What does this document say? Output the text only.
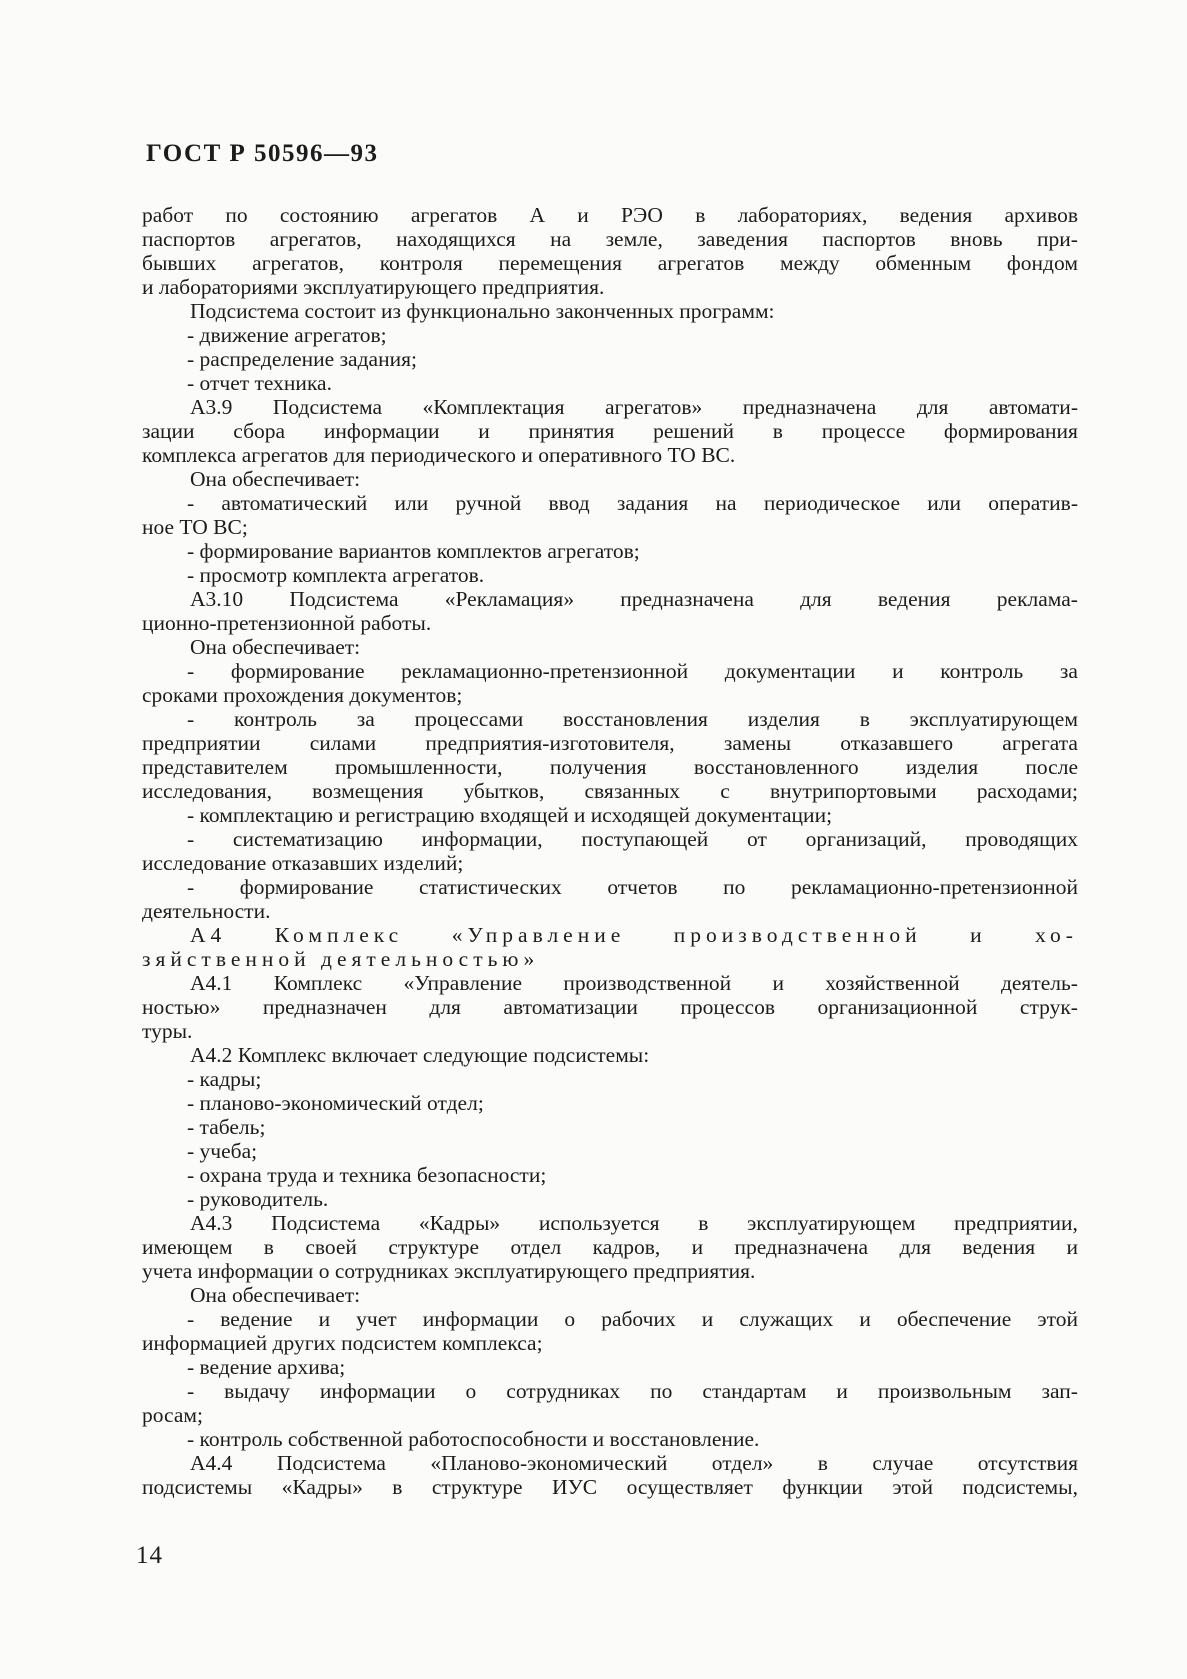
ГОСТ Р 50596—93
работ по состоянию агрегатов А и РЭО в лабораториях, ведения архивов
паспортов агрегатов, находящихся на земле, заведения паспортов вновь при-
бывших агрегатов, контроля перемещения агрегатов между обменным фондом
и лабораториями эксплуатирующего предприятия.
Подсистема состоит из функционально законченных программ:
- движение агрегатов;
- распределение задания;
- отчет техника.
А3.9 Подсистема «Комплектация агрегатов» предназначена для автомати-
зации сбора информации и принятия решений в процессе формирования
комплекса агрегатов для периодического и оперативного ТО ВС.
Она обеспечивает:
- автоматический или ручной ввод задания на периодическое или оператив-
ное ТО ВС;
- формирование вариантов комплектов агрегатов;
- просмотр комплекта агрегатов.
А3.10 Подсистема «Рекламация» предназначена для ведения реклама-
ционно-претензионной работы.
Она обеспечивает:
- формирование рекламационно-претензионной документации и контроль за
сроками прохождения документов;
- контроль за процессами восстановления изделия в эксплуатирующем
предприятии силами предприятия-изготовителя, замены отказавшего агрегата
представителем промышленности, получения восстановленного изделия после
исследования, возмещения убытков, связанных с внутрипортовыми расходами;
- комплектацию и регистрацию входящей и исходящей документации;
- систематизацию информации, поступающей от организаций, проводящих
исследование отказавших изделий;
- формирование статистических отчетов по рекламационно-претензионной
деятельности.
А4 Комплекс «Управление производственной и хо-
зяйственной деятельностью»
А4.1 Комплекс «Управление производственной и хозяйственной деятель-
ностью» предназначен для автоматизации процессов организационной струк-
туры.
А4.2 Комплекс включает следующие подсистемы:
- кадры;
- планово-экономический отдел;
- табель;
- учеба;
- охрана труда и техника безопасности;
- руководитель.
А4.3 Подсистема «Кадры» используется в эксплуатирующем предприятии,
имеющем в своей структуре отдел кадров, и предназначена для ведения и
учета информации о сотрудниках эксплуатирующего предприятия.
Она обеспечивает:
- ведение и учет информации о рабочих и служащих и обеспечение этой
информацией других подсистем комплекса;
- ведение архива;
- выдачу информации о сотрудниках по стандартам и произвольным зап-
росам;
- контроль собственной работоспособности и восстановление.
А4.4 Подсистема «Планово-экономический отдел» в случае отсутствия
подсистемы «Кадры» в структуре ИУС осуществляет функции этой подсистемы,
14
